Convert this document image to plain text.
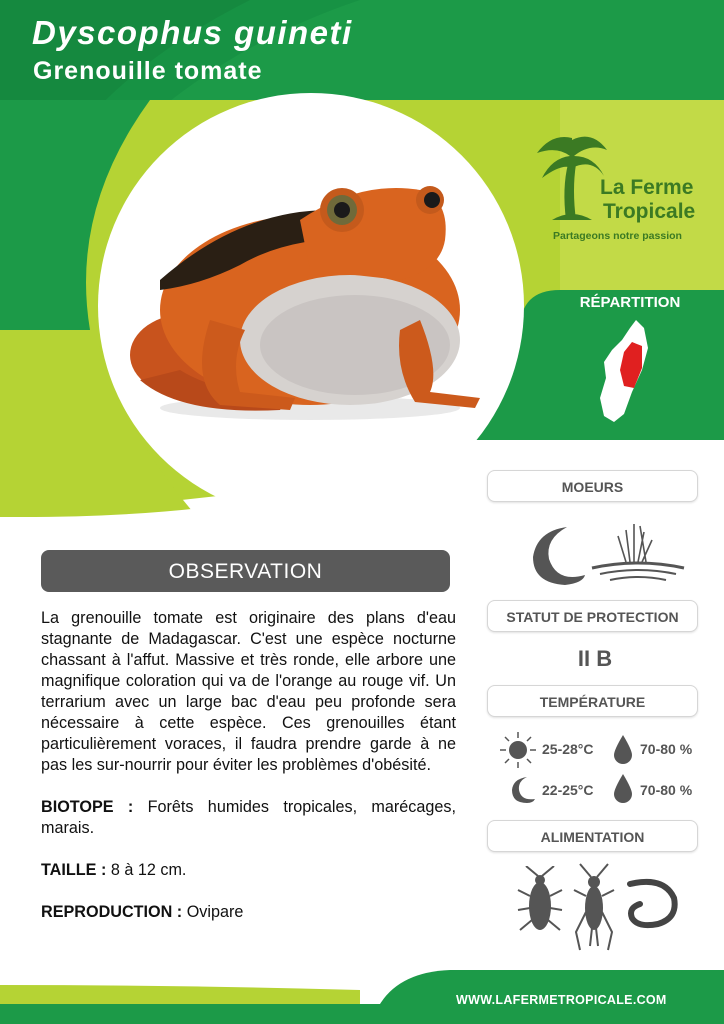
Dyscophus guineti
Grenouille tomate
La Ferme
Tropicale
Partageons notre passion
RÉPARTITION
MOEURS
STATUT DE PROTECTION
II B
TEMPÉRATURE
25-28°C	70-80 %
22-25°C	70-80 %
ALIMENTATION
OBSERVATION

La grenouille tomate est originaire des plans d'eau stagnante de Madagascar. C'est une espèce nocturne chassant à l'affut. Massive et très ronde, elle arbore une magnifique coloration qui va de l'orange au rouge vif. Un terrarium avec un large bac d'eau peu profonde sera nécessaire à cette espèce. Ces grenouilles étant particulièrement voraces, il faudra prendre garde à ne pas les sur-nourrir pour éviter les problèmes d'obésité.

BIOTOPE : Forêts humides tropicales, marécages, marais.

TAILLE : 8 à 12 cm.

REPRODUCTION : Ovipare

WWW.LAFERMETROPICALE.COM
